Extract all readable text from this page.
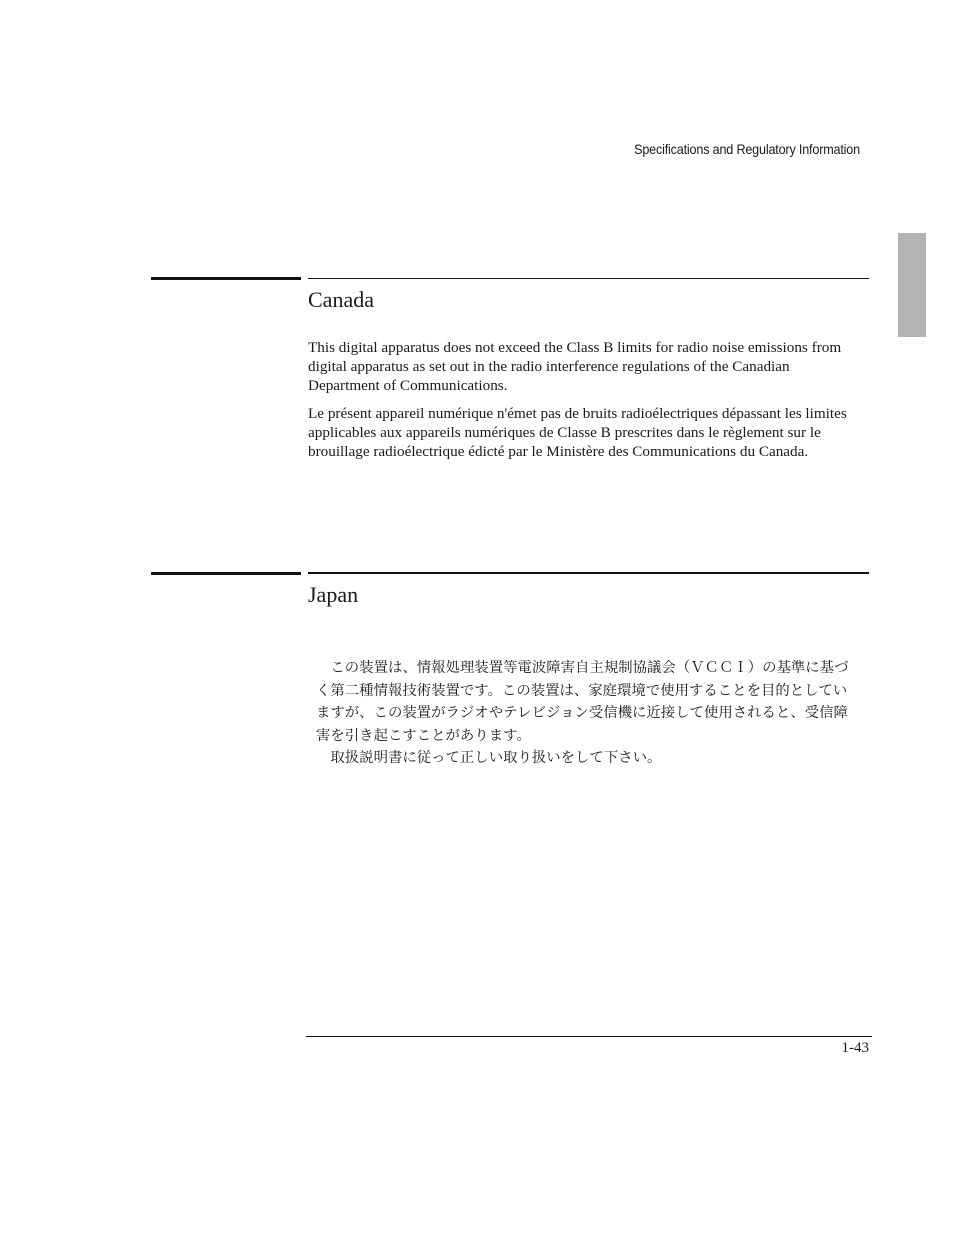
Specifications and Regulatory Information
Canada

This digital apparatus does not exceed the Class B limits for radio noise emissions from digital apparatus as set out in the radio interference regulations of the Canadian Department of Communications.

Le présent appareil numérique n'émet pas de bruits radioélectriques dépassant les limites applicables aux appareils numériques de Classe B prescrites dans le règlement sur le brouillage radioélectrique édicté par le Ministère des Communications du Canada.

Japan

この装置は、情報処理装置等電波障害自主規制協議会（ＶＣＣＩ）の基準に基づく第二種情報技術装置です。この装置は、家庭環境で使用することを目的としていますが、この装置がラジオやテレビジョン受信機に近接して使用されると、受信障害を引き起こすことがあります。

取扱説明書に従って正しい取り扱いをして下さい。

1-43
